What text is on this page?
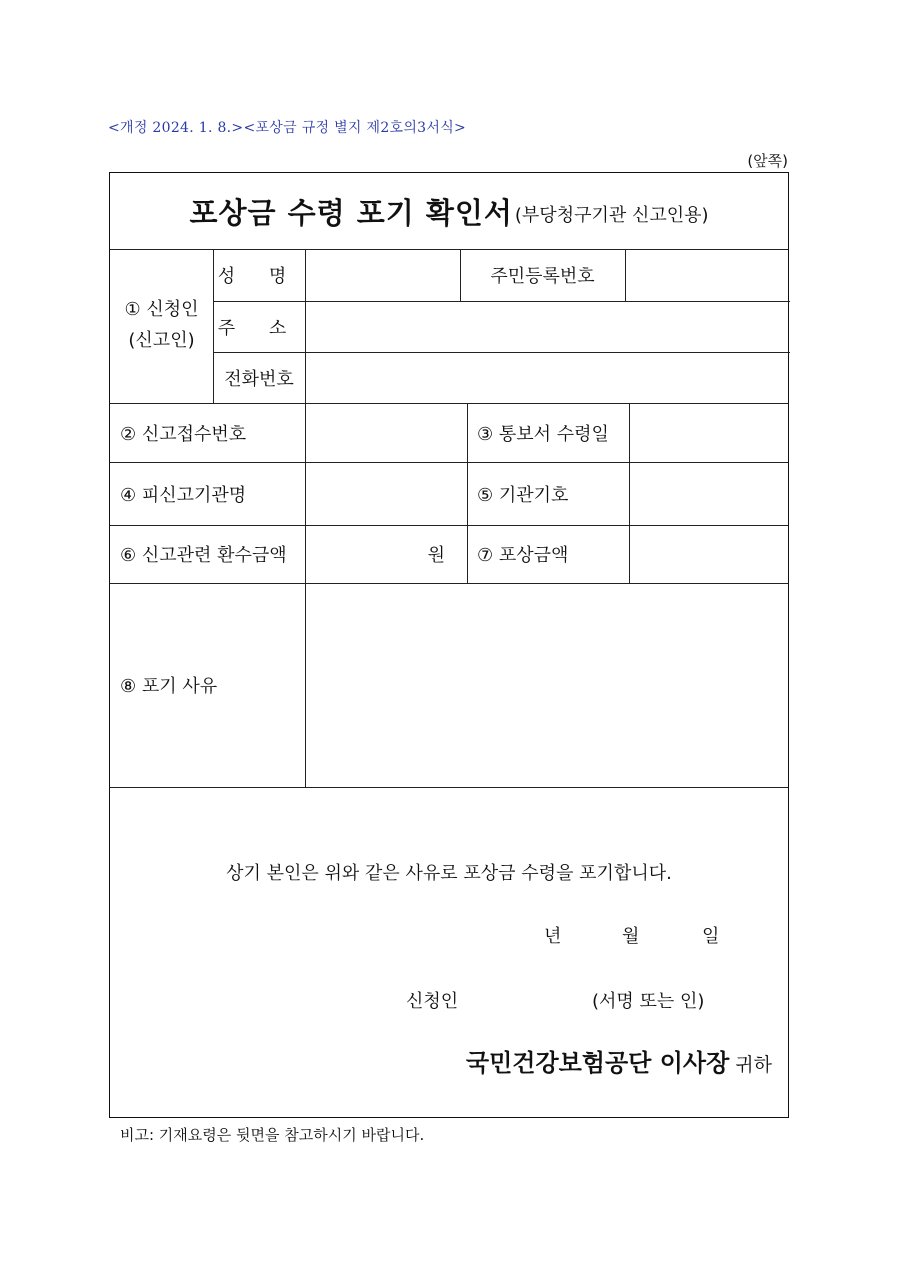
<개정 2024. 1. 8.><포상금 규정 별지 제2호의3서식>
(앞쪽)
포상금 수령 포기 확인서 (부당청구기관 신고인용)
① 신청인
(신고인)
성 명	주민등록번호
주 소
전화번호
② 신고접수번호	③ 통보서 수령일
④ 피신고기관명	⑤ 기관기호
⑥ 신고관련 환수금액	원	⑦ 포상금액
⑧ 포기 사유
상기 본인은 위와 같은 사유로 포상금 수령을 포기합니다.
년	월	일
신청인	(서명 또는 인)
국민건강보험공단 이사장 귀하
비고: 기재요령은 뒷면을 참고하시기 바랍니다.
